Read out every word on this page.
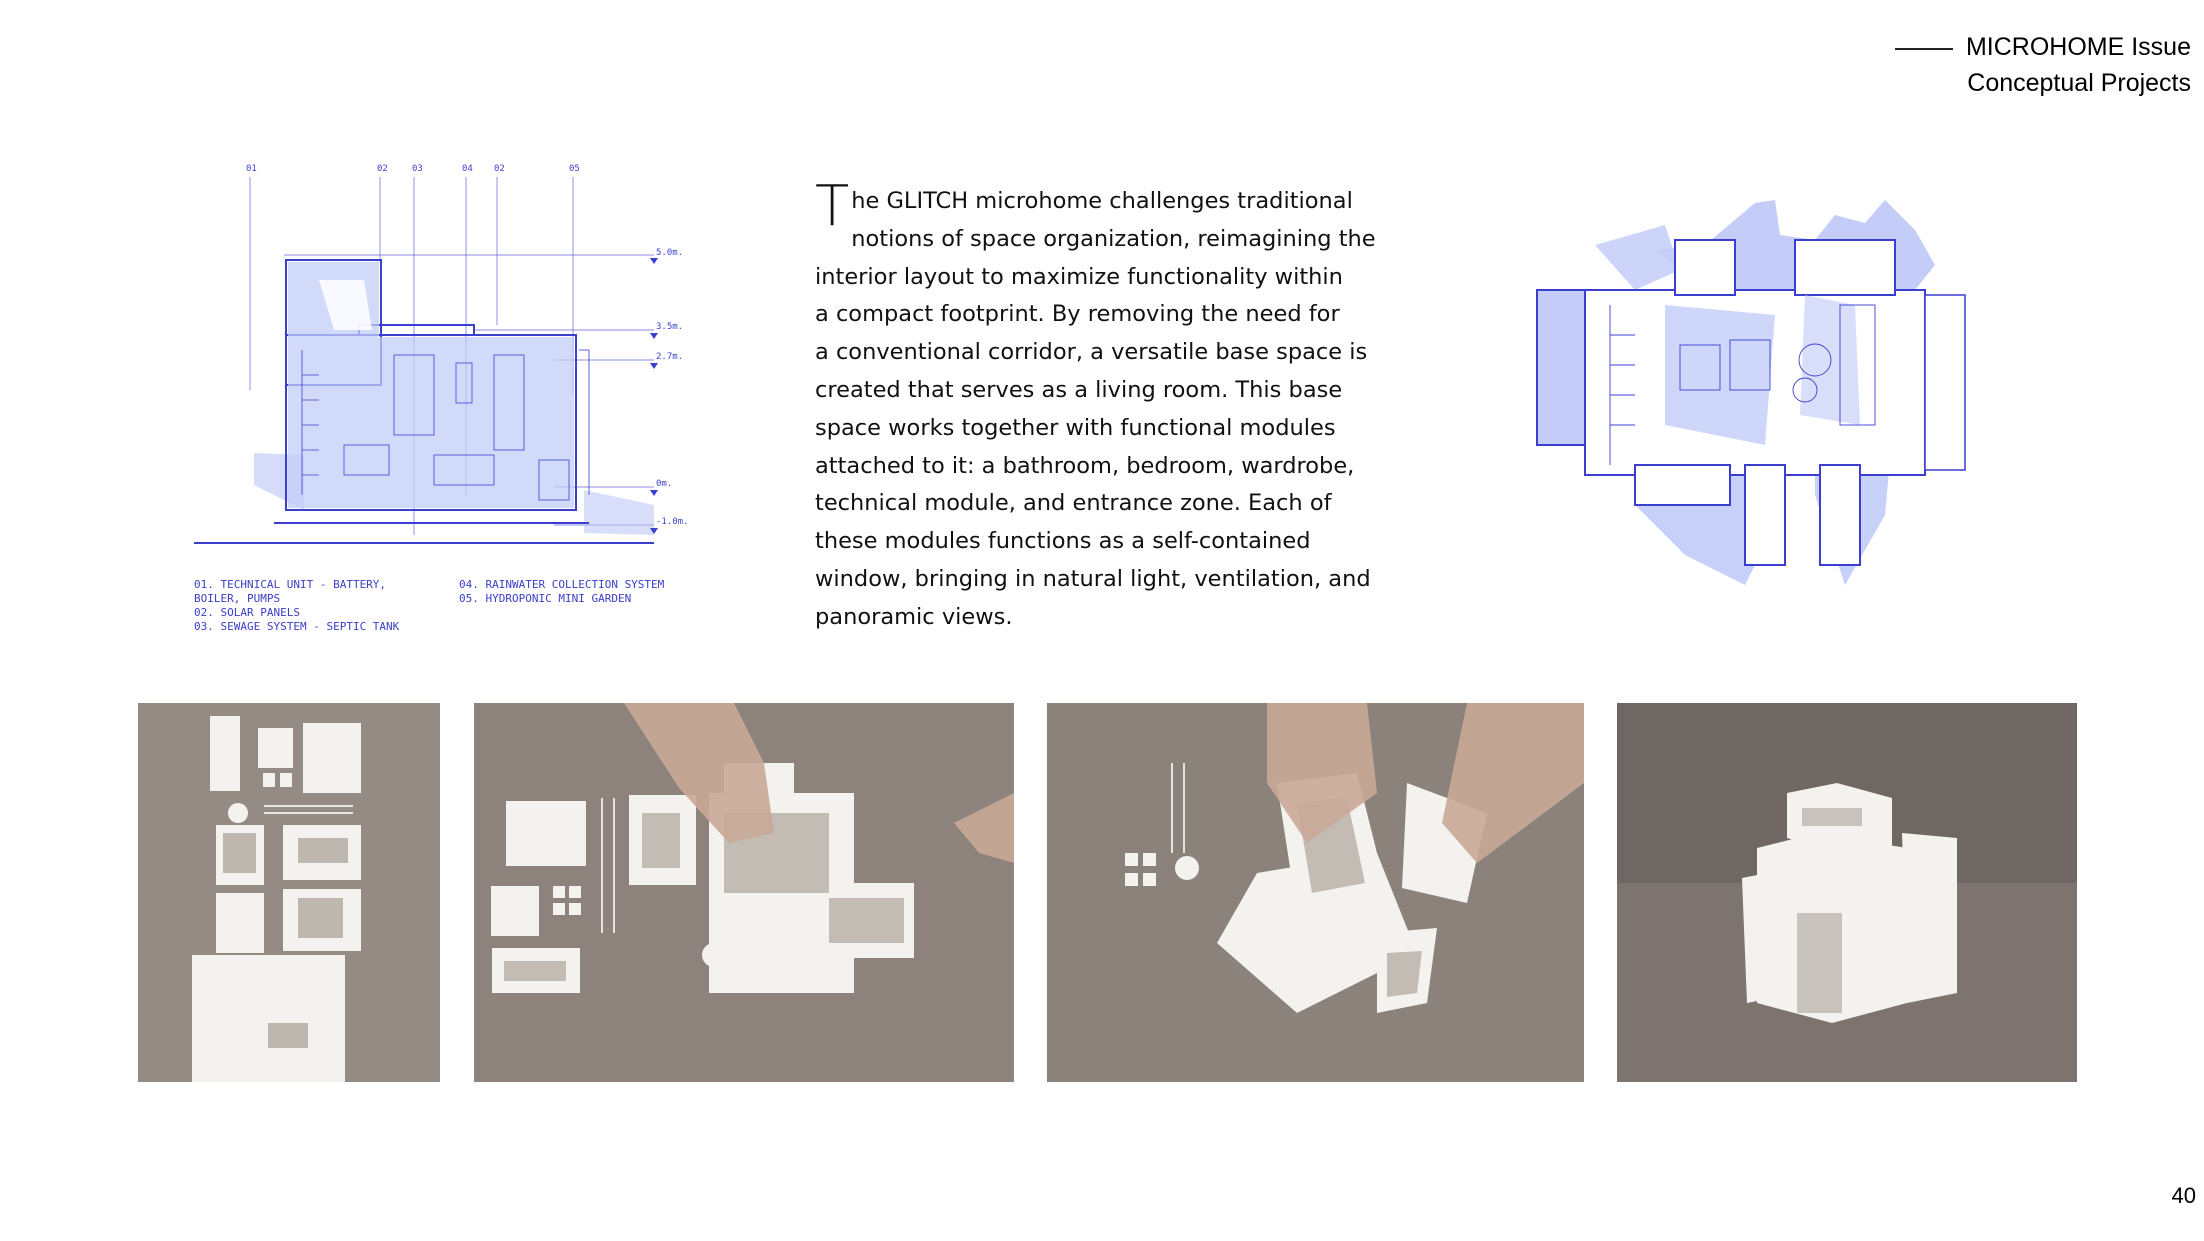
MICROHOME Issue
Conceptual Projects
01	02	03	04 02	05
5.0m.
3.5m.
2.7m.
0m.
-1.0m.
01. TECHNICAL UNIT - BATTERY,
BOILER, PUMPS
02. SOLAR PANELS
03. SEWAGE SYSTEM - SEPTIC TANK
04. RAINWATER COLLECTION SYSTEM
05. HYDROPONIC MINI GARDEN
T he GLITCH microhome challenges traditional
notions of space organization, reimagining the
interior layout to maximize functionality within
a compact footprint. By removing the need for
a conventional corridor, a versatile base space is
created that serves as a living room. This base
space works together with functional modules
attached to it: a bathroom, bedroom, wardrobe,
technical module, and entrance zone. Each of
these modules functions as a self-contained
window, bringing in natural light, ventilation, and
panoramic views.
40
